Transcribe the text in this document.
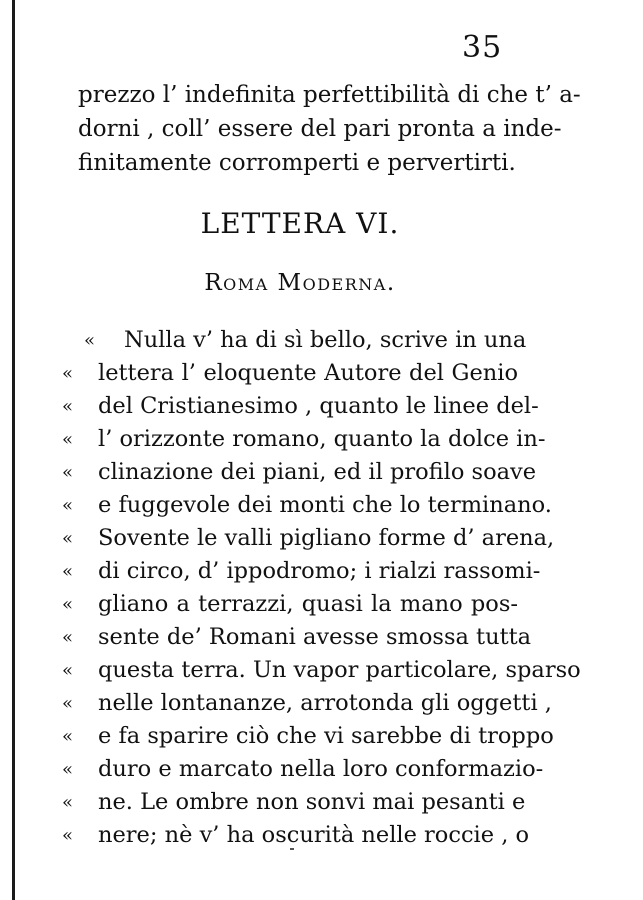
35
prezzo l’ indefinita perfettibilità di che t’ a-
dorni , coll’ essere del pari pronta a inde-
finitamente corromperti e pervertirti.
LETTERA VI.
Roma Moderna.
«	Nulla v’ ha di sì bello, scrive in una
«	lettera l’ eloquente Autore del Genio
«	del Cristianesimo , quanto le linee del-
«	l’ orizzonte romano, quanto la dolce in-
«	clinazione dei piani, ed il profilo soave
«	e fuggevole dei monti che lo terminano.
«	Sovente le valli pigliano forme d’ arena,
«	di circo, d’ ippodromo; i rialzi rassomi-
«	gliano a terrazzi, quasi la mano pos-
«	sente de’ Romani avesse smossa tutta
«	questa terra. Un vapor particolare, sparso
«	nelle lontananze, arrotonda gli oggetti ,
«	e fa sparire ciò che vi sarebbe di troppo
«	duro e marcato nella loro conformazio-
«	ne. Le ombre non sonvi mai pesanti e
«	nere; nè v’ ha oscurità nelle roccie , o
